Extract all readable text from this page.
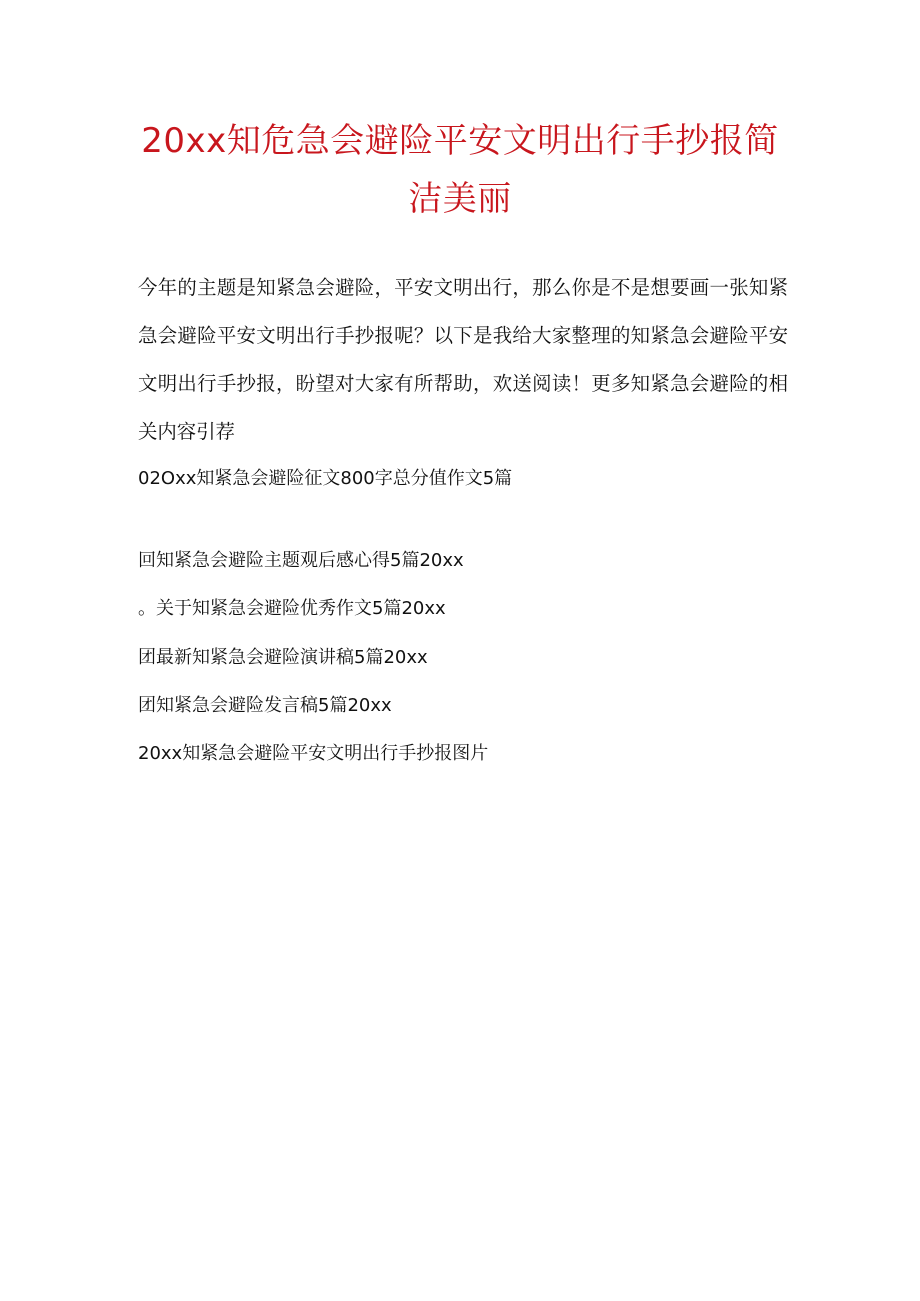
20xx知危急会避险平安文明出行手抄报简
洁美丽

今年的主题是知紧急会避险，平安文明出行，那么你是不是想要画一张知紧急会避险平安文明出行手抄报呢？以下是我给大家整理的知紧急会避险平安文明出行手抄报，盼望对大家有所帮助，欢送阅读！更多知紧急会避险的相关内容引荐

02Oxx知紧急会避险征文800字总分值作文5篇
回知紧急会避险主题观后感心得5篇20xx
。关于知紧急会避险优秀作文5篇20xx
团最新知紧急会避险演讲稿5篇20xx
团知紧急会避险发言稿5篇20xx
20xx知紧急会避险平安文明出行手抄报图片
